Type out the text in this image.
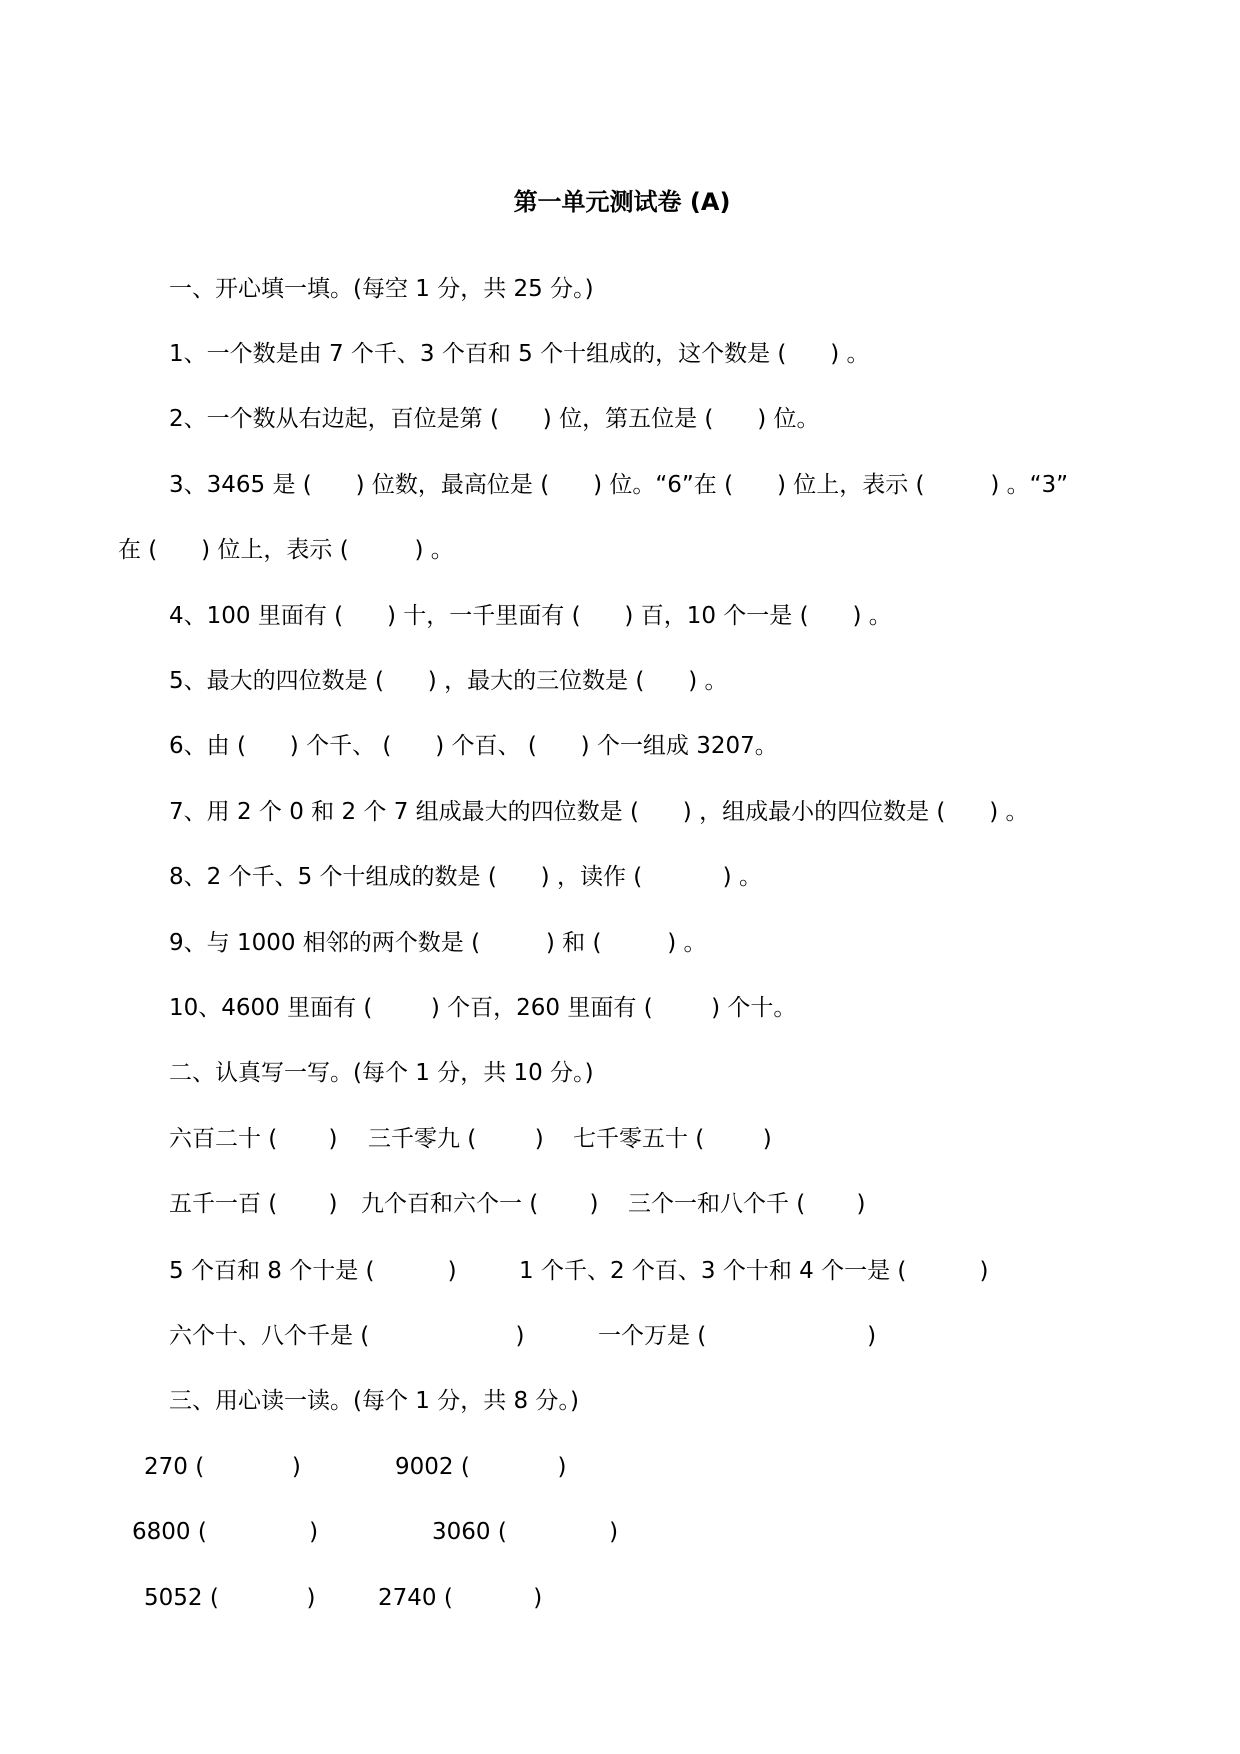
第一单元测试卷 (A)
一、开心填一填。(每空 1 分，共 25 分。)
1、一个数是由 7 个千、3 个百和 5 个十组成的，这个数是 (      ) 。
2、一个数从右边起，百位是第 (      ) 位，第五位是 (      ) 位。
3、3465 是 (      ) 位数，最高位是 (      ) 位。“6”在 (      ) 位上，表示 (         ) 。“3”
在 (      ) 位上，表示 (         ) 。
4、100 里面有 (      ) 十，一千里面有 (      ) 百，10 个一是 (      ) 。
5、最大的四位数是 (      ) ，最大的三位数是 (      ) 。
6、由 (      ) 个千、 (      ) 个百、 (      ) 个一组成 3207。
7、用 2 个 0 和 2 个 7 组成最大的四位数是 (      ) ，组成最小的四位数是 (      ) 。
8、2 个千、5 个十组成的数是 (      ) ，读作 (           ) 。
9、与 1000 相邻的两个数是 (         ) 和 (         ) 。
10、4600 里面有 (        ) 个百，260 里面有 (        ) 个十。
二、认真写一写。(每个 1 分，共 10 分。)
六百二十 (       ) 三千零九 (        ) 七千零五十 (        )
五千一百 (       ) 九个百和六个一 (       ) 三个一和八个千 (       )
5 个百和 8 个十是 (          )	1 个千、2 个百、3 个十和 4 个一是 (          )
六个十、八个千是 (                    )	一个万是 (                      )
三、用心读一读。(每个 1 分，共 8 分。)
270 (            )	9002 (            )
6800 (              )	3060 (              )
5052 (            )	2740 (           )
